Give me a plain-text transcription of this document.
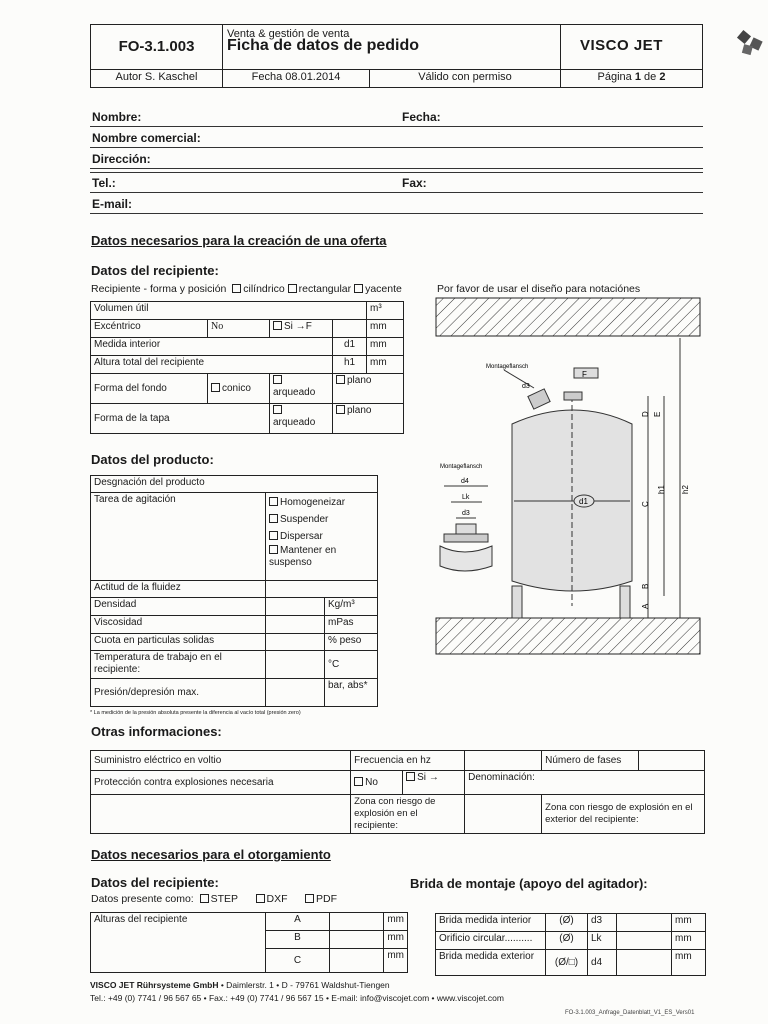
FO-3.1.003	Venta & gestión de venta
Ficha de datos de pedido		VISCO JET

Autor S. Kaschel	Fecha 08.01.2014	Válido con permiso	Página 1 de 2
Nombre:	Fecha:
Nombre comercial:
Dirección:
Tel.:	Fax:
E-mail:
Datos necesarios para la creación de una oferta
Datos del recipiente:
Recipiente - forma y posición cilíndrico rectangular yacente	Por favor de usar el diseño para notaciónes
Volumen útil				m³
Excéntrico	No	Si →F		mm
Medida interior			d1	mm
Altura total del recipiente			h1	mm
Forma del fondo	conico	arqueado	plano	
Forma de la tapa		arqueado	plano	
Datos del producto:
Desgnación del producto		
Tarea de agitación	Homogeneizar
Suspender
Dispersar
Mantener en suspenso	

Actitud de la fluidez		
Densidad		Kg/m³
Viscosidad		mPas
Cuota en particulas solidas		% peso
Temperatura de trabajo en el recipiente:		°C
Presión/depresión max.		bar, abs*
* La medición de la presión absoluta presente la diferencia al vacío total (presión zero)
Otras informaciones:
Suministro eléctrico en voltio	Frecuencia en hz			Número de fases	
Protección contra explosiones necesaria	No	Si →	Denominación:		
	Zona con riesgo de explosión en el recipiente:			Zona con riesgo de explosión en el exterior del recipiente:	
Datos necesarios para el otorgamiento
Datos del recipiente:	Brida de montaje (apoyo del agitador):
Datos presente como: STEP	DXF	PDF
Alturas del recipiente	A		mm
	B		mm
	C		mm
Brida medida interior	(Ø)	d3		mm
Orificio circular..........	(Ø)	Lk		mm
Brida medida exterior	(Ø/□)	d4		mm
VISCO JET Rührsysteme GmbH • Daimlerstr. 1 • D - 79761 Waldshut-Tiengen
Tel.: +49 (0) 7741 / 96 567 65 • Fax.: +49 (0) 7741 / 96 567 15 • E-mail: info@viscojet.com • www.viscojet.com
FO-3.1.003_Anfrage_Datenblatt_V1_ES_Vers01
d1
F
Montageflansch
Montageflansch
d3
d4
Lk
d3
h2
h1
C
D E
B
A
